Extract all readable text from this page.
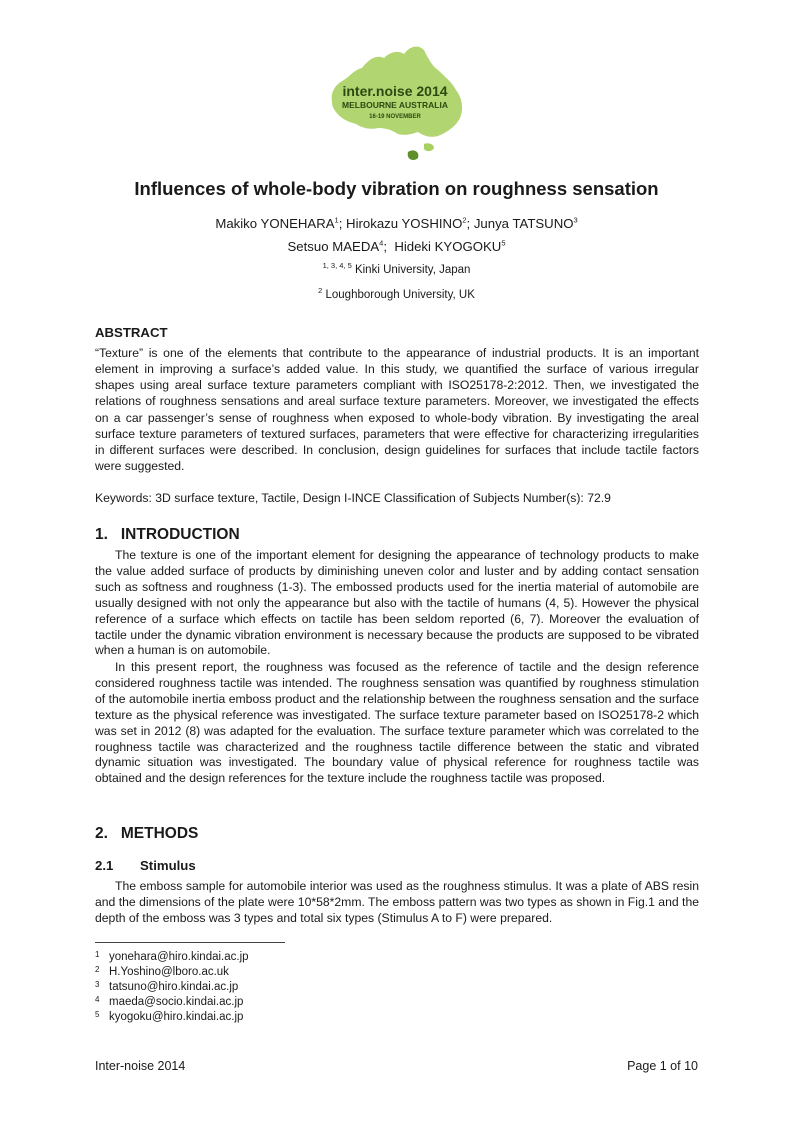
inter.noise 2014
MELBOURNE AUSTRALIA
16-19 NOVEMBER
Influences of whole-body vibration on roughness sensation
Makiko YONEHARA$^1$; Hirokazu YOSHINO$^2$; Junya TATSUNO$^3$
Setsuo MAEDA$^4$;  Hideki KYOGOKU$^5$
$^{1, 3, 4, 5}$ Kinki University, Japan
$^2$ Loughborough University, UK
ABSTRACT

“Texture” is one of the elements that contribute to the appearance of industrial products. It is an important element in improving a surface’s added value. In this study, we quantified the surface of various irregular shapes using areal surface texture parameters compliant with ISO25178-2:2012. Then, we investigated the relations of roughness sensations and areal surface texture parameters. Moreover, we investigated the effects on a car passenger’s sense of roughness when exposed to whole-body vibration. By investigating the areal surface texture parameters of textured surfaces, parameters that were effective for characterizing irregularities in different surfaces were described. In conclusion, design guidelines for surfaces that include tactile factors were suggested.

Keywords: 3D surface texture, Tactile, Design I-INCE Classification of Subjects Number(s): 72.9
1.   INTRODUCTION

The texture is one of the important element for designing the appearance of technology products to make the value added surface of products by diminishing uneven color and luster and by adding contact sensation such as softness and roughness (1-3). The embossed products used for the inertia material of automobile are usually designed with not only the appearance but also with the tactile of humans (4, 5). However the physical reference of a surface which effects on tactile has been seldom reported (6, 7). Moreover the evaluation of tactile under the dynamic vibration environment is necessary because the products are supposed to be vibrated when a human is on automobile.

In this present report, the roughness was focused as the reference of tactile and the design reference considered roughness tactile was intended. The roughness sensation was quantified by roughness stimulation of the automobile inertia emboss product and the relationship between the roughness sensation and the surface texture as the physical reference was investigated. The surface texture parameter based on ISO25178-2 which was set in 2012 (8) was adapted for the evaluation. The surface texture parameter which was correlated to the roughness tactile was characterized and the roughness tactile difference between the static and vibrated dynamic situation was investigated. The boundary value of physical reference for roughness tactile was obtained and the design references for the texture include the roughness tactile was proposed.

2.   METHODS
2.1 Stimulus

The emboss sample for automobile interior was used as the roughness stimulus. It was a plate of ABS resin and the dimensions of the plate were 10*58*2mm. The emboss pattern was two types as shown in Fig.1 and the depth of the emboss was 3 types and total six types (Stimulus A to F) were prepared.

1 yonehara@hiro.kindai.ac.jp
2 H.Yoshino@lboro.ac.uk
3 tatsuno@hiro.kindai.ac.jp
4 maeda@socio.kindai.ac.jp
5 kyogoku@hiro.kindai.ac.jp
Inter-noise 2014	Page 1 of 10
